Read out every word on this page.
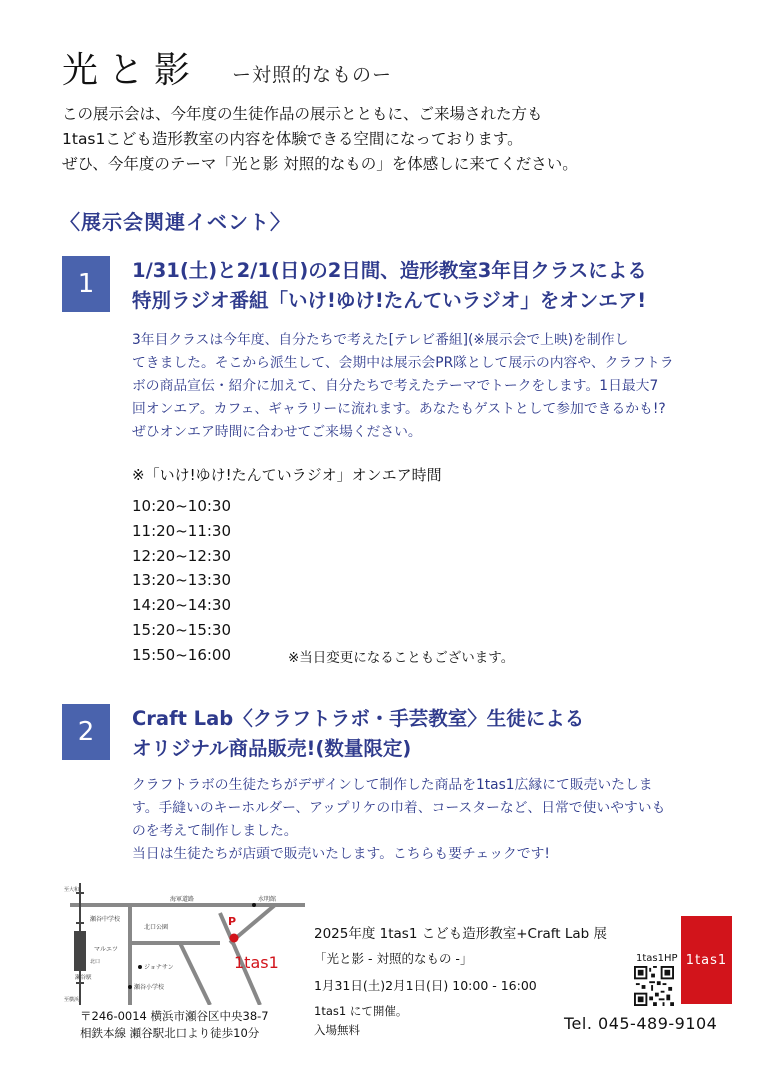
光と影 ー対照的なものー
この展示会は、今年度の生徒作品の展示とともに、ご来場された方も
1tas1こども造形教室の内容を体験できる空間になっております。
ぜひ、今年度のテーマ「光と影 対照的なもの」を体感しに来てください。
〈展示会関連イベント〉
1	1/31(土)と2/1(日)の2日間、造形教室3年目クラスによる
特別ラジオ番組「いけ!ゆけ!たんていラジオ」をオンエア!
3年目クラスは今年度、自分たちで考えた[テレビ番組](※展示会で上映)を制作し
てきました。そこから派生して、会期中は展示会PR隊として展示の内容や、クラフトラ
ボの商品宣伝・紹介に加えて、自分たちで考えたテーマでトークをします。1日最大7
回オンエア。カフェ、ギャラリーに流れます。あなたもゲストとして参加できるかも!?
ぜひオンエア時間に合わせてご来場ください。
※「いけ!ゆけ!たんていラジオ」オンエア時間
10:20~10:30
11:20~11:30
12:20~12:30
13:20~13:30
14:20~14:30
15:20~15:30
15:50~16:00	※当日変更になることもございます。
2	Craft Lab〈クラフトラボ・手芸教室〉生徒による
オリジナル商品販売!(数量限定)
クラフトラボの生徒たちがデザインして制作した商品を1tas1広縁にて販売いたしま
す。手縫いのキーホルダー、アップリケの巾着、コースターなど、日常で使いやすいも
のを考えて制作しました。
当日は生徒たちが店頭で販売いたします。こちらも要チェックです!
至大和
至横浜
海軍道路
瀬谷中学校
マルエツ
瀬谷駅
北口
北口公園
ジョナサン
瀬谷小学校
水明館
P
1tas1
〒246-0014 横浜市瀬谷区中央38-7
相鉄本線 瀬谷駅北口より徒歩10分
2025年度 1tas1 こども造形教室+Craft Lab 展
「光と影 - 対照的なもの -」
1月31日(土)2月1日(日) 10:00 - 16:00
1tas1 にて開催。
入場無料
1tas1HP 1tas1
Tel. 045-489-9104
